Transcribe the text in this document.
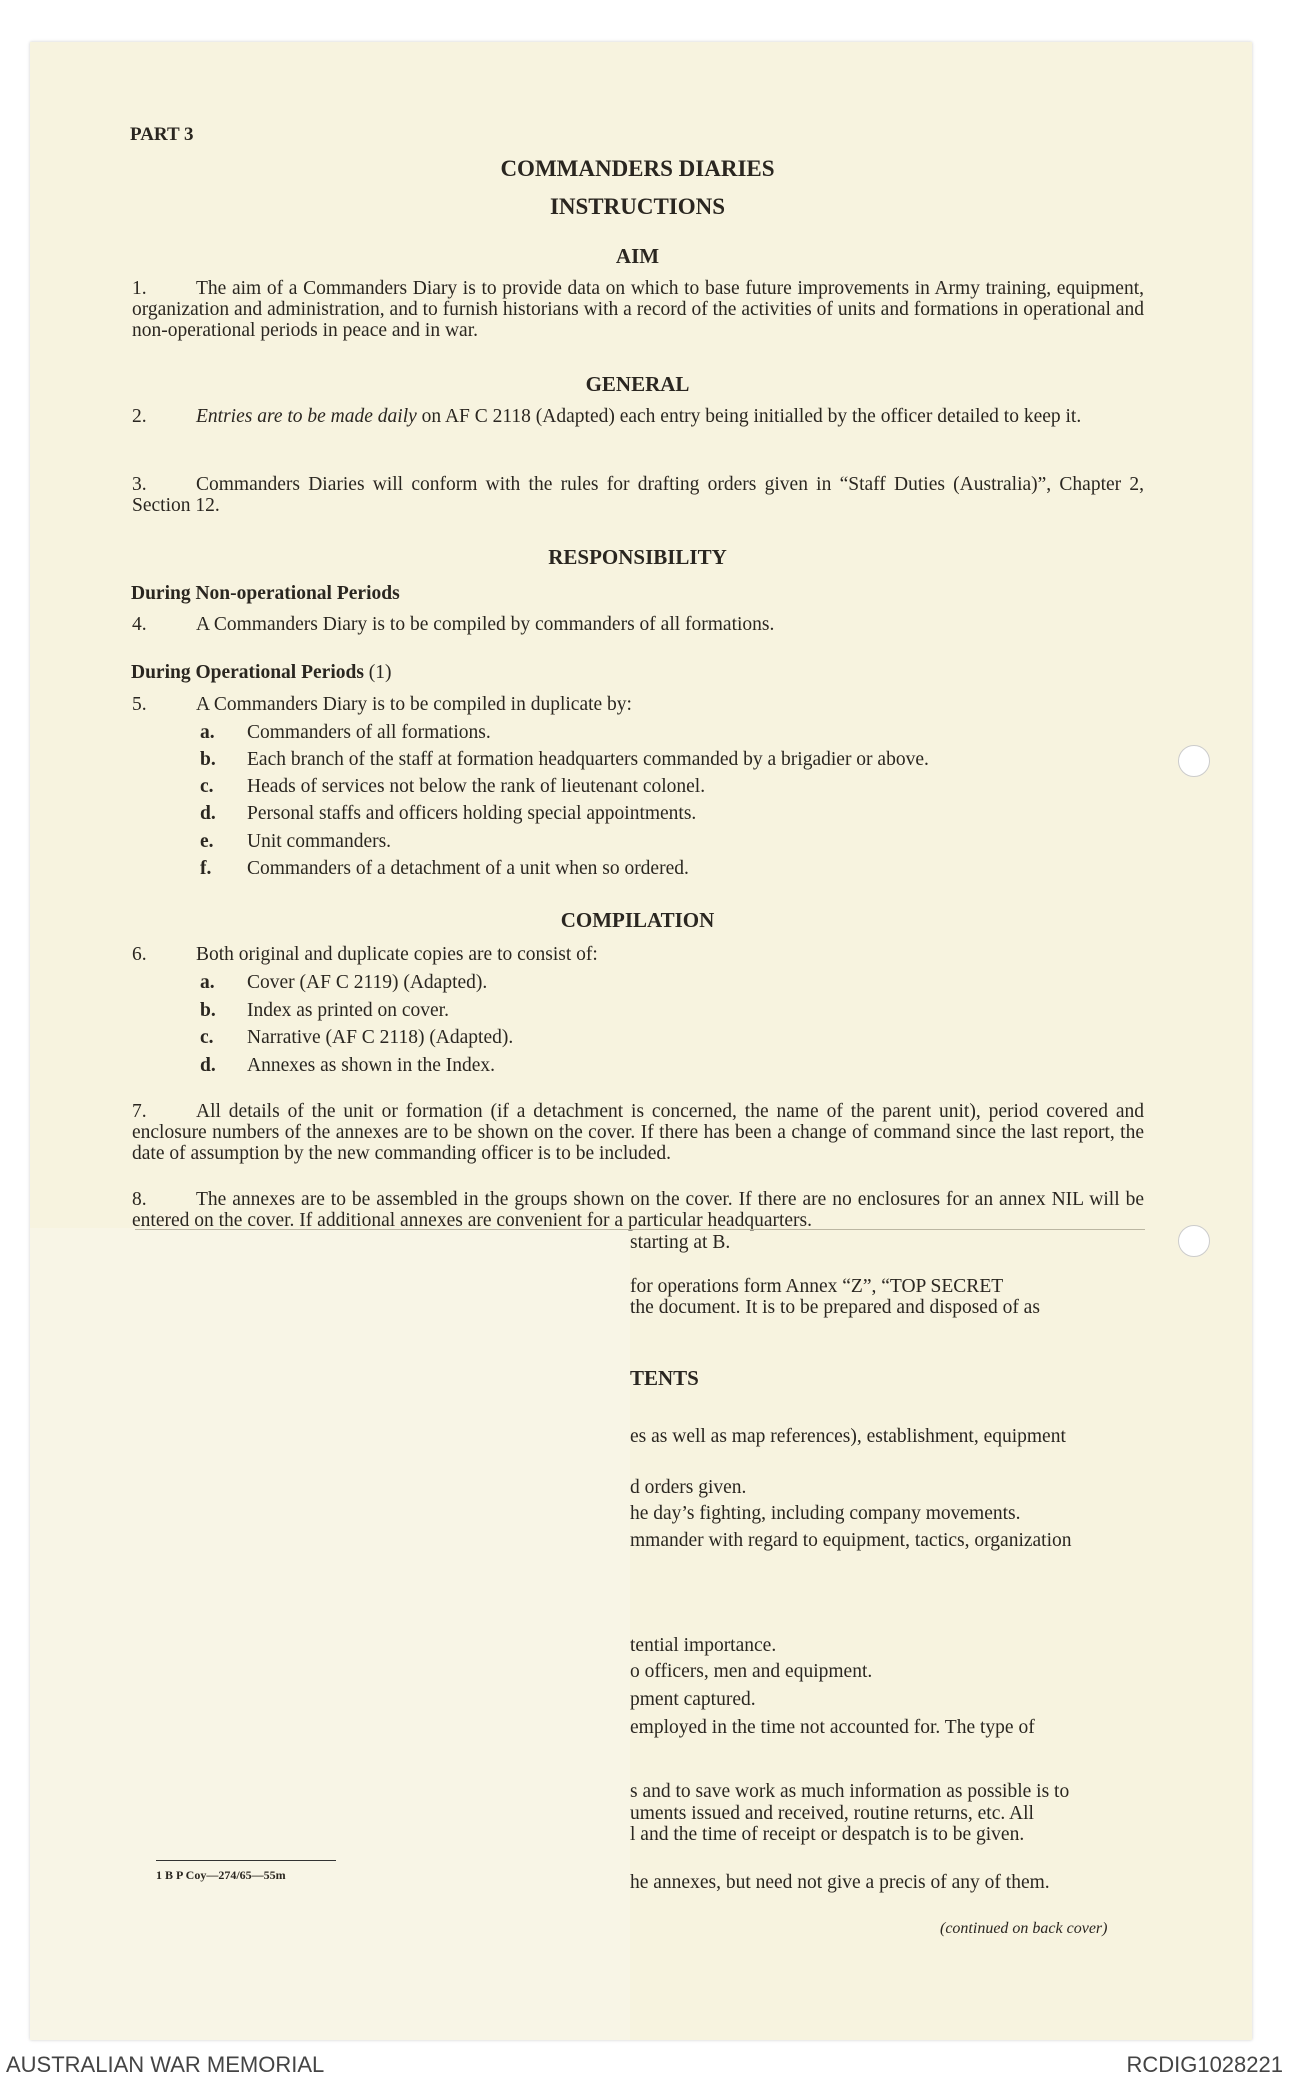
PART 3
COMMANDERS DIARIES
INSTRUCTIONS
AIM
1.	The aim of a Commanders Diary is to provide data on which to base future improvements in Army training, equipment, organization and administration, and to furnish historians with a record of the activities of units and formations in operational and non-operational periods in peace and in war.
GENERAL
2.	Entries are to be made daily on AF C 2118 (Adapted) each entry being initialled by the officer detailed to keep it.
3.	Commanders Diaries will conform with the rules for drafting orders given in “Staff Duties (Australia)”, Chapter 2, Section 12.
RESPONSIBILITY
During Non-operational Periods
4.	A Commanders Diary is to be compiled by commanders of all formations.
During Operational Periods (1)
5.	A Commanders Diary is to be compiled in duplicate by:
a. Commanders of all formations.
b. Each branch of the staff at formation headquarters commanded by a brigadier or above.
c. Heads of services not below the rank of lieutenant colonel.
d. Personal staffs and officers holding special appointments.
e. Unit commanders.
f. Commanders of a detachment of a unit when so ordered.
COMPILATION
6.	Both original and duplicate copies are to consist of:
a. Cover (AF C 2119) (Adapted).
b. Index as printed on cover.
c. Narrative (AF C 2118) (Adapted).
d. Annexes as shown in the Index.
7.	All details of the unit or formation (if a detachment is concerned, the name of the parent unit), period covered and enclosure numbers of the annexes are to be shown on the cover. If there has been a change of command since the last report, the date of assumption by the new commanding officer is to be included.
8.	The annexes are to be assembled in the groups shown on the cover. If there are no enclosures for an annex NIL will be entered on the cover. If additional annexes are convenient for a particular headquarters.
starting at B.
for operations form Annex “Z”, “TOP SECRET
the document. It is to be prepared and disposed of as
es as well as map references), establishment, equipment
d orders given.
he day’s fighting, including company movements.
mmander with regard to equipment, tactics, organization
tential importance.
o officers, men and equipment.
pment captured.
employed in the time not accounted for. The type of
s and to save work as much information as possible is to
uments issued and received, routine returns, etc. All
l and the time of receipt or despatch is to be given.
he annexes, but need not give a precis of any of them.
TENTS
1 B P Coy—274/65—55m
(continued on back cover)
AUSTRALIAN WAR MEMORIAL	RCDIG1028221
